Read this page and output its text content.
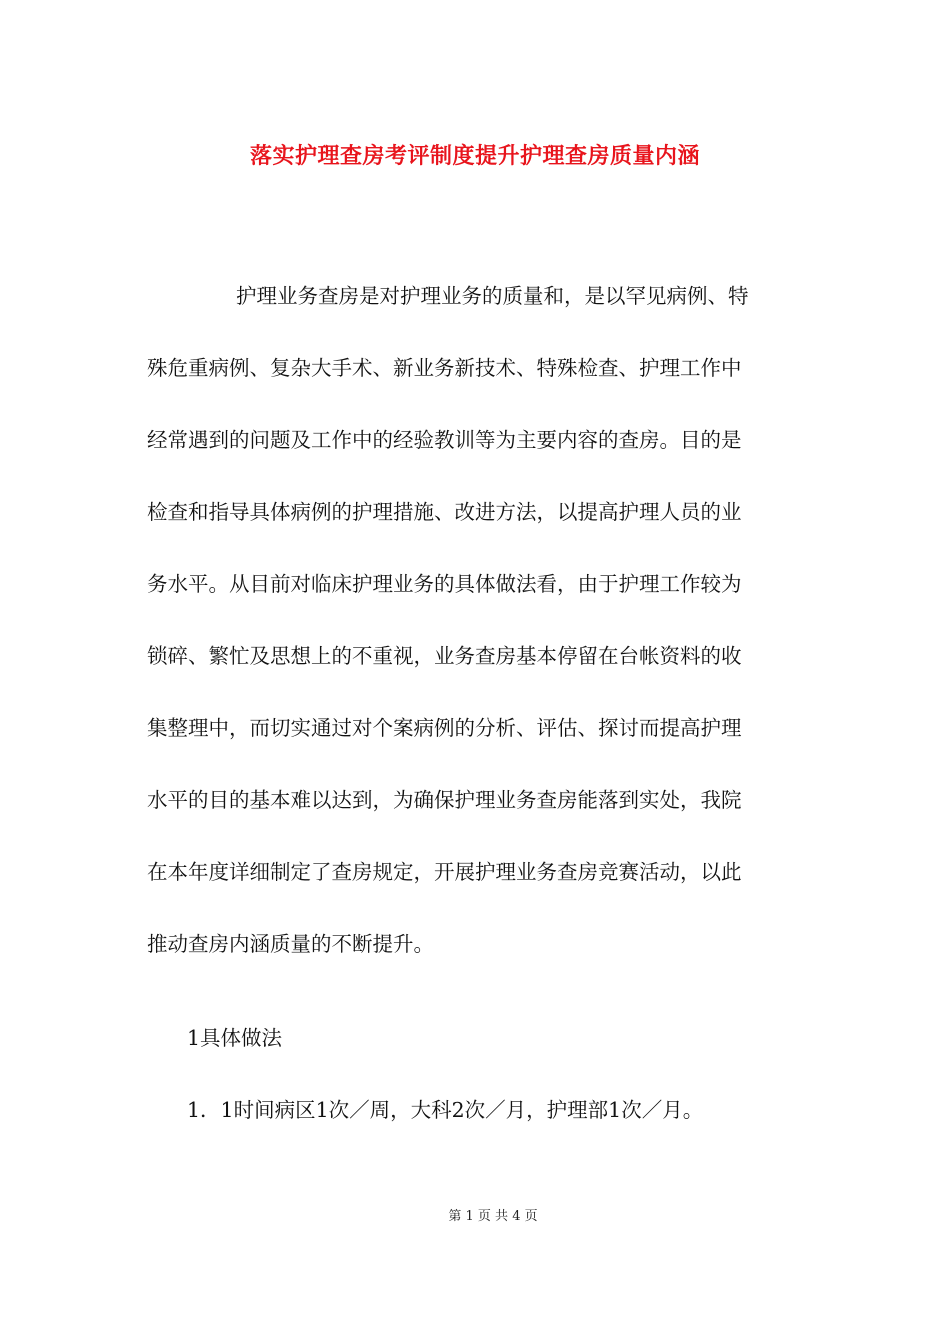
落实护理查房考评制度提升护理查房质量内涵
护理业务查房是对护理业务的质量和，是以罕见病例、特
殊危重病例、复杂大手术、新业务新技术、特殊检查、护理工作中
经常遇到的问题及工作中的经验教训等为主要内容的查房。目的是
检查和指导具体病例的护理措施、改进方法，以提高护理人员的业
务水平。从目前对临床护理业务的具体做法看，由于护理工作较为
锁碎、繁忙及思想上的不重视，业务查房基本停留在台帐资料的收
集整理中，而切实通过对个案病例的分析、评估、探讨而提高护理
水平的目的基本难以达到，为确保护理业务查房能落到实处，我院
在本年度详细制定了查房规定，开展护理业务查房竞赛活动，以此
推动查房内涵质量的不断提升。
1具体做法
1．1时间病区1次／周，大科2次／月，护理部1次／月。
第 1 页 共 4 页
